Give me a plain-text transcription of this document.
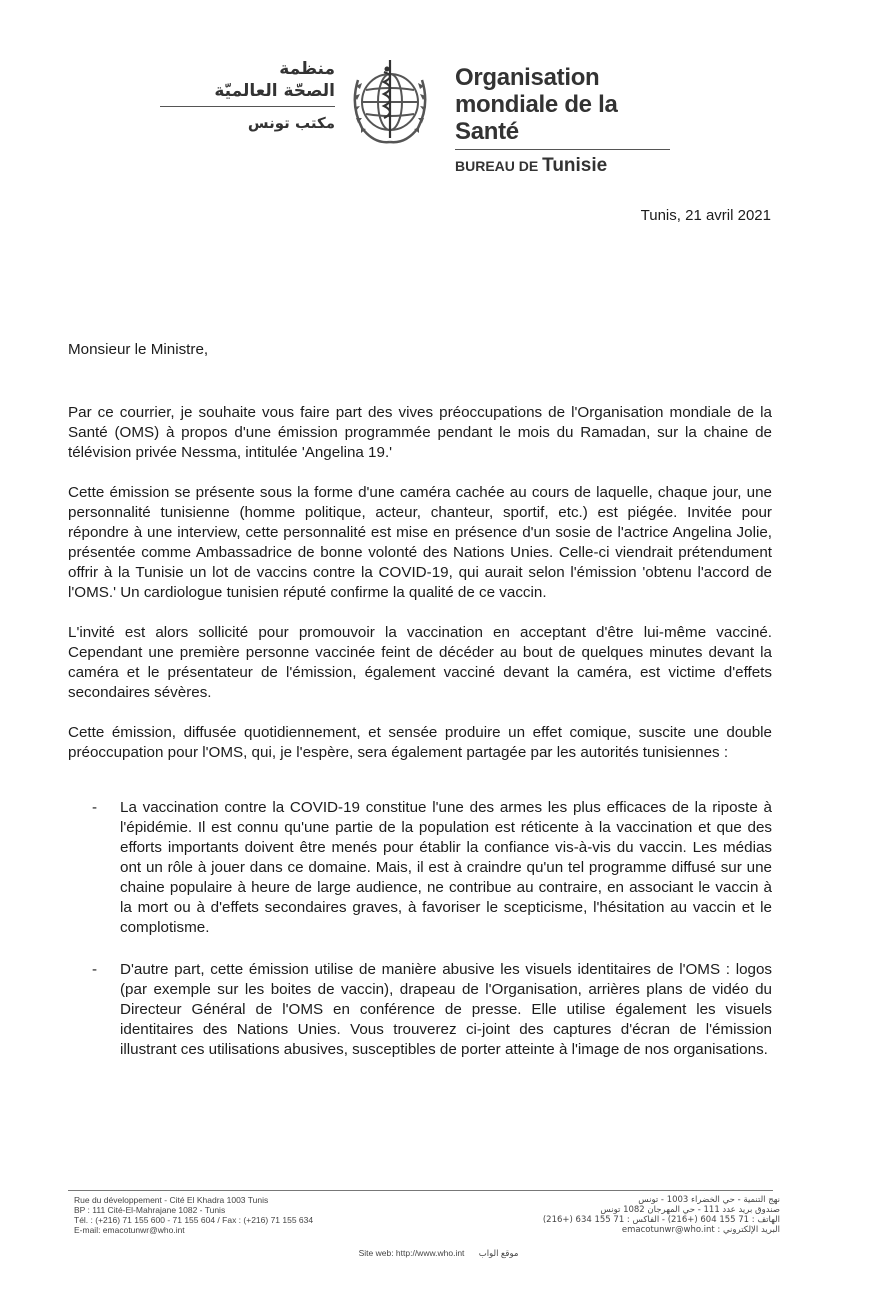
منظمة
الصحّة العالميّة
مكتب تونس
Organisation
mondiale de la Santé
BUREAU DE Tunisie
Tunis, 21 avril 2021

Monsieur le Ministre,

Par ce courrier, je souhaite vous faire part des vives préoccupations de l'Organisation mondiale de la Santé (OMS) à propos d'une émission programmée pendant le mois du Ramadan, sur la chaine de télévision privée Nessma, intitulée 'Angelina 19.'

Cette émission se présente sous la forme d'une caméra cachée au cours de laquelle, chaque jour, une personnalité tunisienne (homme politique, acteur, chanteur, sportif, etc.) est piégée. Invitée pour répondre à une interview, cette personnalité est mise en présence d'un sosie de l'actrice Angelina Jolie, présentée comme Ambassadrice de bonne volonté des Nations Unies. Celle-ci viendrait prétendument offrir à la Tunisie un lot de vaccins contre la COVID-19, qui aurait selon l'émission 'obtenu l'accord de l'OMS.' Un cardiologue tunisien réputé confirme la qualité de ce vaccin.

L'invité est alors sollicité pour promouvoir la vaccination en acceptant d'être lui-même vacciné. Cependant une première personne vaccinée feint de décéder au bout de quelques minutes devant la caméra et le présentateur de l'émission, également vacciné devant la caméra, est victime d'effets secondaires sévères.

Cette émission, diffusée quotidiennement, et sensée produire un effet comique, suscite une double préoccupation pour l'OMS, qui, je l'espère, sera également partagée par les autorités tunisiennes :

- La vaccination contre la COVID-19 constitue l'une des armes les plus efficaces de la riposte à l'épidémie. Il est connu qu'une partie de la population est réticente à la vaccination et que des efforts importants doivent être menés pour établir la confiance vis-à-vis du vaccin. Les médias ont un rôle à jouer dans ce domaine. Mais, il est à craindre qu'un tel programme diffusé sur une chaine populaire à heure de large audience, ne contribue au contraire, en associant le vaccin à la mort ou à d'effets secondaires graves, à favoriser le scepticisme, l'hésitation au vaccin et le complotisme.
- D'autre part, cette émission utilise de manière abusive les visuels identitaires de l'OMS : logos (par exemple sur les boites de vaccin), drapeau de l'Organisation, arrières plans de vidéo du Directeur Général de l'OMS en conférence de presse. Elle utilise également les visuels identitaires des Nations Unies. Vous trouverez ci-joint des captures d'écran de l'émission illustrant ces utilisations abusives, susceptibles de porter atteinte à l'image de nos organisations.
Rue du développement - Cité El Khadra 1003 Tunis
BP : 111 Cité-El-Mahrajane 1082 - Tunis
Tél. : (+216) 71 155 600 - 71 155 604 / Fax : (+216) 71 155 634
E-mail: emacotunwr@who.int
نهج التنمية - حي الخضراء 1003 - تونس
صندوق بريد عدد 111 - حي المهرجان 1082 تونس
الهاتف : 71 155 604 (+216) - الفاكس : 71 155 634 (+216)
البريد الإلكتروني : emacotunwr@who.int
Site web: http://www.who.int موقع الواب
